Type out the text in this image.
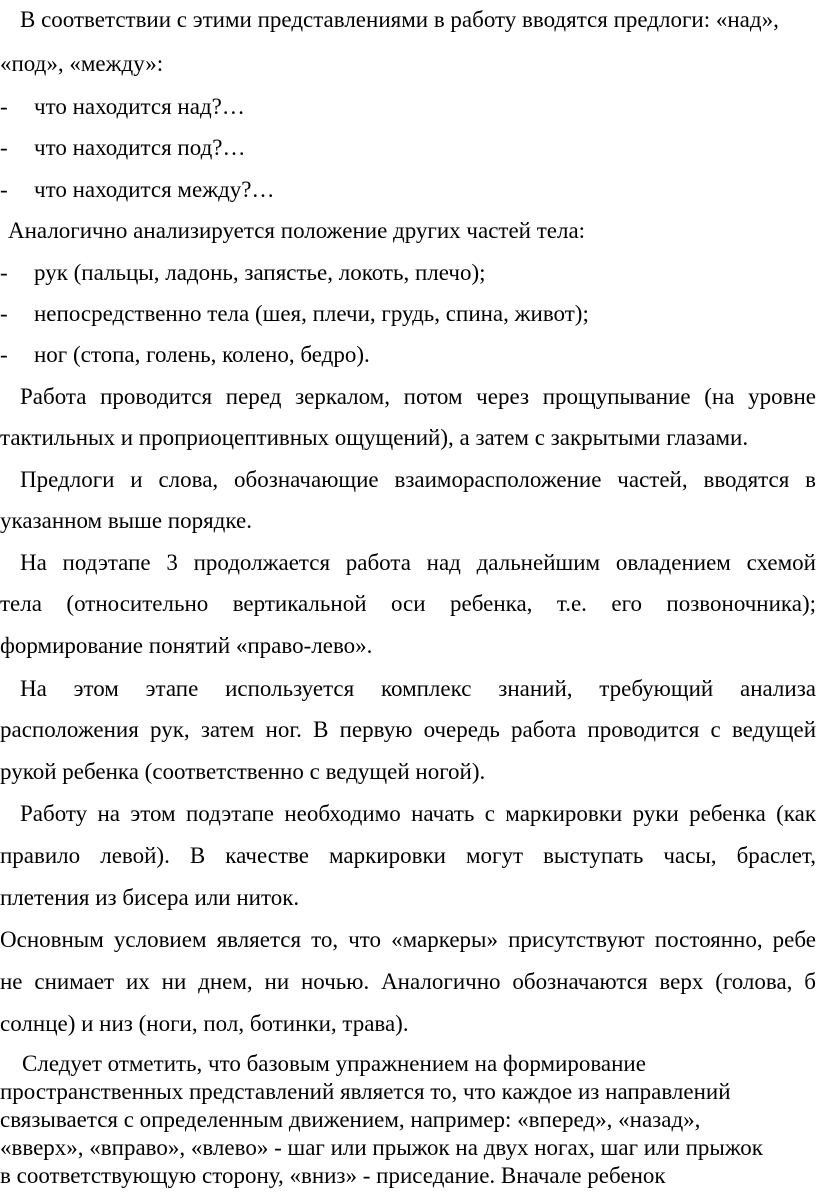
В соответствии с этими представлениями в работу вводятся предлоги: «над»,
«под», «между»:
- что находится над?…
- что находится под?…
- что находится между?…
Аналогично анализируется положение других частей тела:
- рук (пальцы, ладонь, запястье, локоть, плечо);
- непосредственно тела (шея, плечи, грудь, спина, живот);
- ног (стопа, голень, колено, бедро).
Работа проводится перед зеркалом, потом через прощупывание (на уровне
тактильных и проприоцептивных ощущений), а затем с закрытыми глазами.
Предлоги и слова, обозначающие взаиморасположение частей, вводятся в
указанном выше порядке.
На подэтапе 3 продолжается работа над дальнейшим овладением схемой
тела (относительно вертикальной оси ребенка, т.е. его позвоночника);
формирование понятий «право-лево».
На этом этапе используется комплекс знаний, требующий анализа
расположения рук, затем ног. В первую очередь работа проводится с ведущей
рукой ребенка (соответственно с ведущей ногой).
Работу на этом подэтапе необходимо начать с маркировки руки ребенка (как
правило левой). В качестве маркировки могут выступать часы, браслет,
плетения из бисера или ниток.
Основным условием является то, что «маркеры» присутствуют постоянно, ребе
не снимает их ни днем, ни ночью. Аналогично обозначаются верх (голова, б
солнце) и низ (ноги, пол, ботинки, трава).
Следует отметить, что базовым упражнением на формирование
пространственных представлений является то, что каждое из направлений
связывается с определенным движением, например: «вперед», «назад»,
«вверх», «вправо», «влево» - шаг или прыжок на двух ногах, шаг или прыжок
в соответствующую сторону, «вниз» - приседание. Вначале ребенок
